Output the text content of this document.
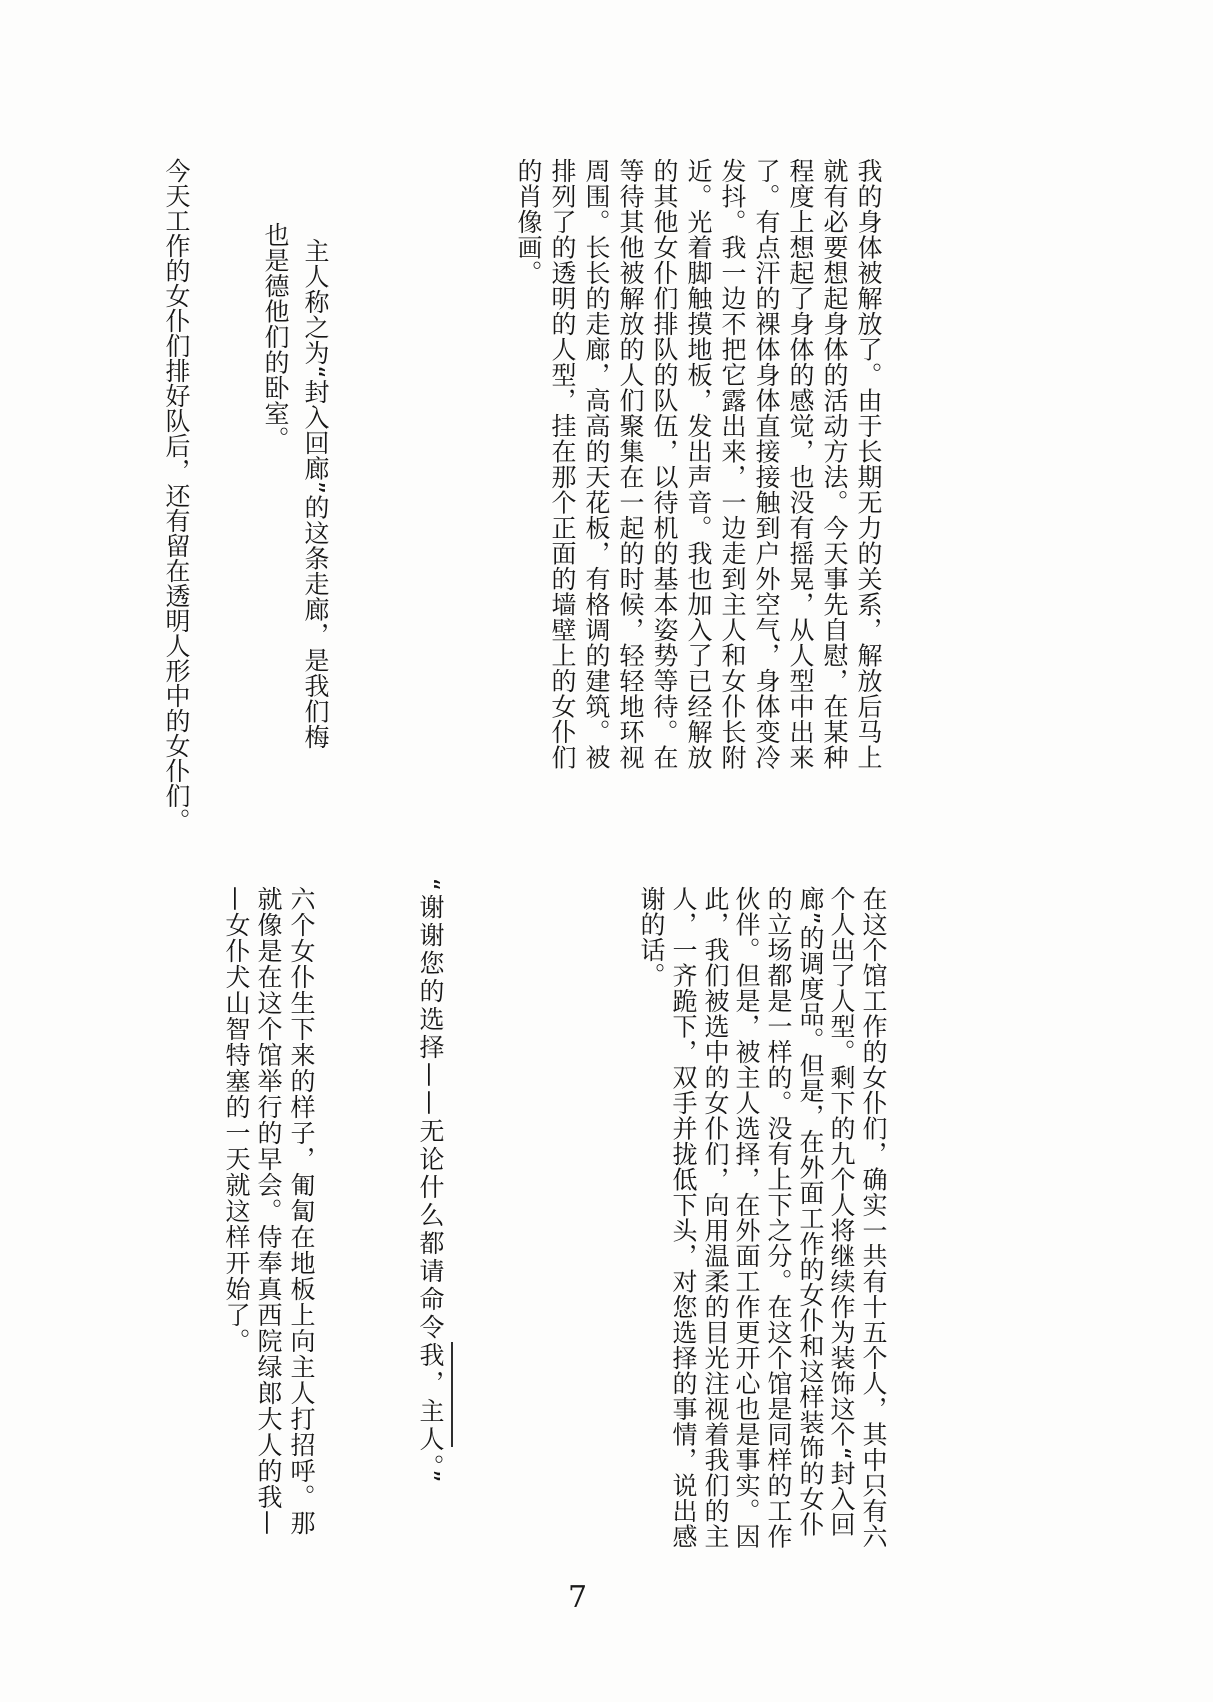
我的身体被解放了。由于长期无力的关系，解放后马上
就有必要想起身体的活动方法。今天事先自慰，在某种
程度上想起了身体的感觉，也没有摇晃，从人型中出来
了。有点汗的裸体身体直接接触到户外空气，身体变冷
发抖。我一边不把它露出来，一边走到主人和女仆长附
近。光着脚触摸地板，发出声音。我也加入了已经解放
的其他女仆们排队的队伍，以待机的基本姿势等待。在
等待其他被解放的人们聚集在一起的时候，轻轻地环视
周围。长长的走廊，高高的天花板，有格调的建筑。被
排列了的透明的人型，挂在那个正面的墙壁上的女仆们
的肖像画。
主人称之为“封入回廊”的这条走廊，是我们梅
也是德他们的卧室。
今天工作的女仆们排好队后，还有留在透明人形中的女仆们。
在这个馆工作的女仆们，确实一共有十五个人，其中只有六
个人出了人型。剩下的九个人将继续作为装饰这个“封入回
廊”的调度品。但是，在外面工作的女仆和这样装饰的女仆
的立场都是一样的。没有上下之分。在这个馆是同样的工作
伙伴。但是，被主人选择，在外面工作更开心也是事实。因
此，我们被选中的女仆们，向用温柔的目光注视着我们的主
人，一齐跪下，双手并拢低下头，对您选择的事情，说出感
谢的话。
“谢谢您的选择——无论什么都请命令我，主人。”
六个女仆生下来的样子，匍匐在地板上向主人打招呼。那
就像是在这个馆举行的早会。侍奉真西院绿郎大人的我—
—女仆犬山智特塞的一天就这样开始了。
7
